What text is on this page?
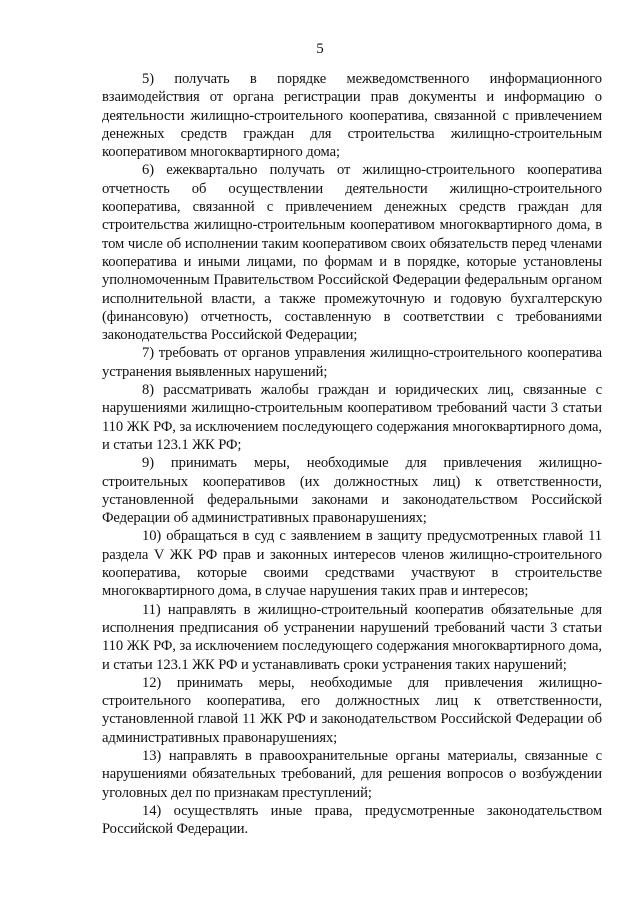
5

5) получать в порядке межведомственного информационного взаимодействия от органа регистрации прав документы и информацию о деятельности жилищно-строительного кооператива, связанной с привлечением денежных средств граждан для строительства жилищно-строительным кооперативом многоквартирного дома;

6) ежеквартально получать от жилищно-строительного кооператива отчетность об осуществлении деятельности жилищно-строительного кооператива, связанной с привлечением денежных средств граждан для строительства жилищно-строительным кооперативом многоквартирного дома, в том числе об исполнении таким кооперативом своих обязательств перед членами кооператива и иными лицами, по формам и в порядке, которые установлены уполномоченным Правительством Российской Федерации федеральным органом исполнительной власти, а также промежуточную и годовую бухгалтерскую (финансовую) отчетность, составленную в соответствии с требованиями законодательства Российской Федерации;

7) требовать от органов управления жилищно-строительного кооператива устранения выявленных нарушений;

8) рассматривать жалобы граждан и юридических лиц, связанные с нарушениями жилищно-строительным кооперативом требований части 3 статьи 110 ЖК РФ, за исключением последующего содержания многоквартирного дома, и статьи 123.1 ЖК РФ;

9) принимать меры, необходимые для привлечения жилищно-строительных кооперативов (их должностных лиц) к ответственности, установленной федеральными законами и законодательством Российской Федерации об административных правонарушениях;

10) обращаться в суд с заявлением в защиту предусмотренных главой 11 раздела V ЖК РФ прав и законных интересов членов жилищно-строительного кооператива, которые своими средствами участвуют в строительстве многоквартирного дома, в случае нарушения таких прав и интересов;

11) направлять в жилищно-строительный кооператив обязательные для исполнения предписания об устранении нарушений требований части 3 статьи 110 ЖК РФ, за исключением последующего содержания многоквартирного дома, и статьи 123.1 ЖК РФ и устанавливать сроки устранения таких нарушений;

12) принимать меры, необходимые для привлечения жилищно-строительного кооператива, его должностных лиц к ответственности, установленной главой 11 ЖК РФ и законодательством Российской Федерации об административных правонарушениях;

13) направлять в правоохранительные органы материалы, связанные с нарушениями обязательных требований, для решения вопросов о возбуждении уголовных дел по признакам преступлений;

14) осуществлять иные права, предусмотренные законодательством Российской Федерации.
